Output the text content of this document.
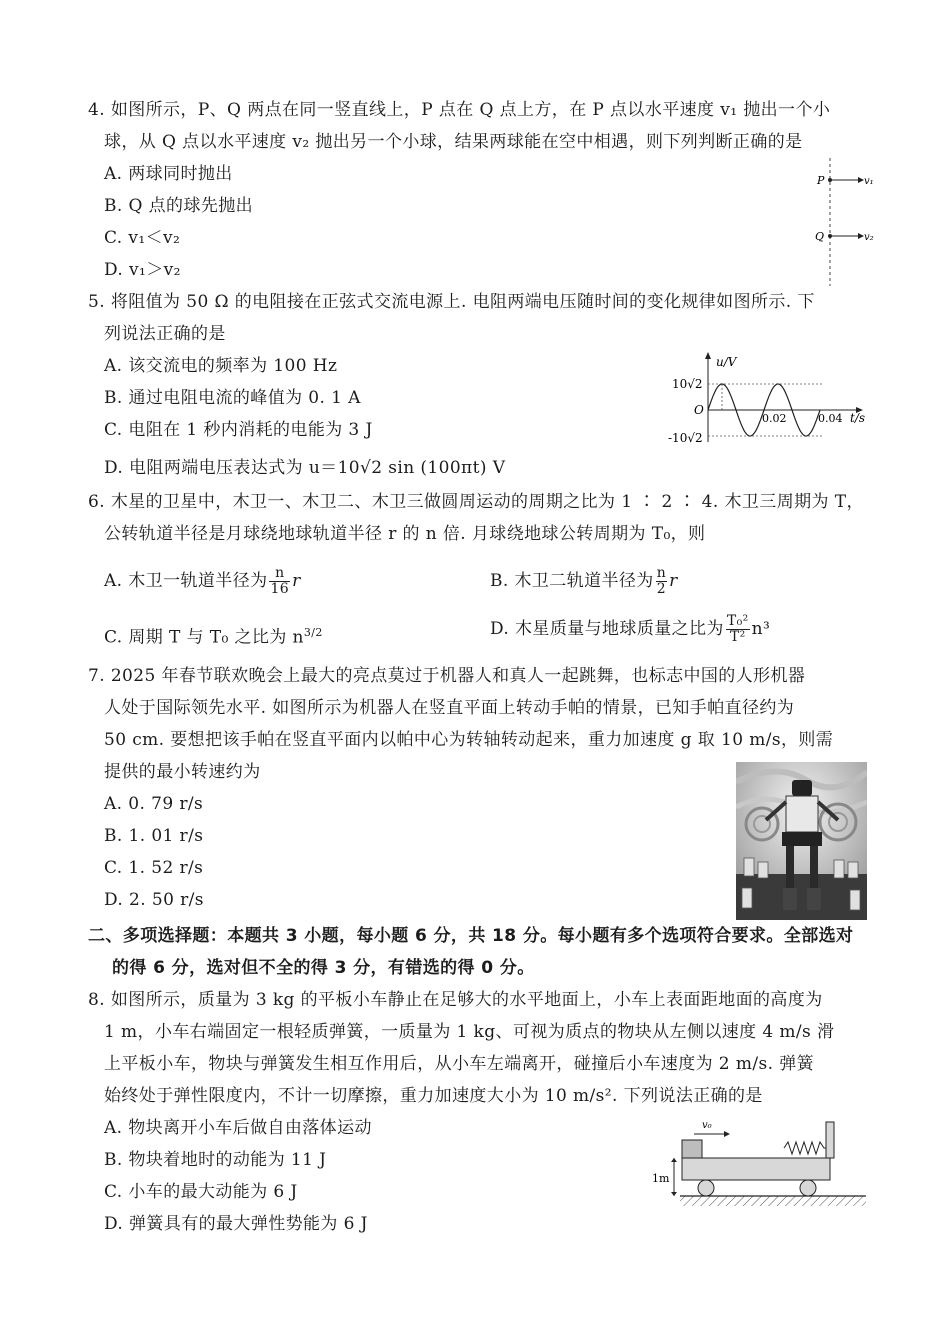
4. 如图所示，P、Q 两点在同一竖直线上，P 点在 Q 点上方，在 P 点以水平速度 v₁ 抛出一个小
球，从 Q 点以水平速度 v₂ 抛出另一个小球，结果两球能在空中相遇，则下列判断正确的是
A. 两球同时抛出
B. Q 点的球先抛出
C. v₁＜v₂
D. v₁＞v₂
P
Q
v₁
v₂
5. 将阻值为 50 Ω 的电阻接在正弦式交流电源上. 电阻两端电压随时间的变化规律如图所示. 下
列说法正确的是
A. 该交流电的频率为 100 Hz
B. 通过电阻电流的峰值为 0. 1 A
C. 电阻在 1 秒内消耗的电能为 3 J
D. 电阻两端电压表达式为 u＝10√2 sin (100πt) V
u/V
t/s
O
10√2
-10√2
0.02	0.04
6. 木星的卫星中，木卫一、木卫二、木卫三做圆周运动的周期之比为 1 ∶ 2 ∶ 4. 木卫三周期为 T，
公转轨道半径是月球绕地球轨道半径 r 的 n 倍. 月球绕地球公转周期为 T₀，则
A. 木卫一轨道半径为 $\frac{n}{16}$ r	B. 木卫二轨道半径为 $\frac{n}{2}$ r
C. 周期 T 与 T₀ 之比为 $n^{3/2}$	D. 木星质量与地球质量之比为 $\frac{\text{T₀²}}{\text{T²}} n^3$
7. 2025 年春节联欢晚会上最大的亮点莫过于机器人和真人一起跳舞，也标志中国的人形机器
人处于国际领先水平. 如图所示为机器人在竖直平面上转动手帕的情景，已知手帕直径约为
50 cm. 要想把该手帕在竖直平面内以帕中心为转轴转动起来，重力加速度 g 取 10 m/s，则需
提供的最小转速约为
A. 0. 79 r/s
B. 1. 01 r/s
C. 1. 52 r/s
D. 2. 50 r/s
二、多项选择题：本题共 3 小题，每小题 6 分，共 18 分。每小题有多个选项符合要求。全部选对
的得 6 分，选对但不全的得 3 分，有错选的得 0 分。
8. 如图所示，质量为 3 kg 的平板小车静止在足够大的水平地面上，小车上表面距地面的高度为
1 m，小车右端固定一根轻质弹簧，一质量为 1 kg、可视为质点的物块从左侧以速度 4 m/s 滑
上平板小车，物块与弹簧发生相互作用后，从小车左端离开，碰撞后小车速度为 2 m/s. 弹簧
始终处于弹性限度内，不计一切摩擦，重力加速度大小为 10 m/s². 下列说法正确的是
A. 物块离开小车后做自由落体运动
B. 物块着地时的动能为 11 J
C. 小车的最大动能为 6 J
D. 弹簧具有的最大弹性势能为 6 J
v₀
1m
